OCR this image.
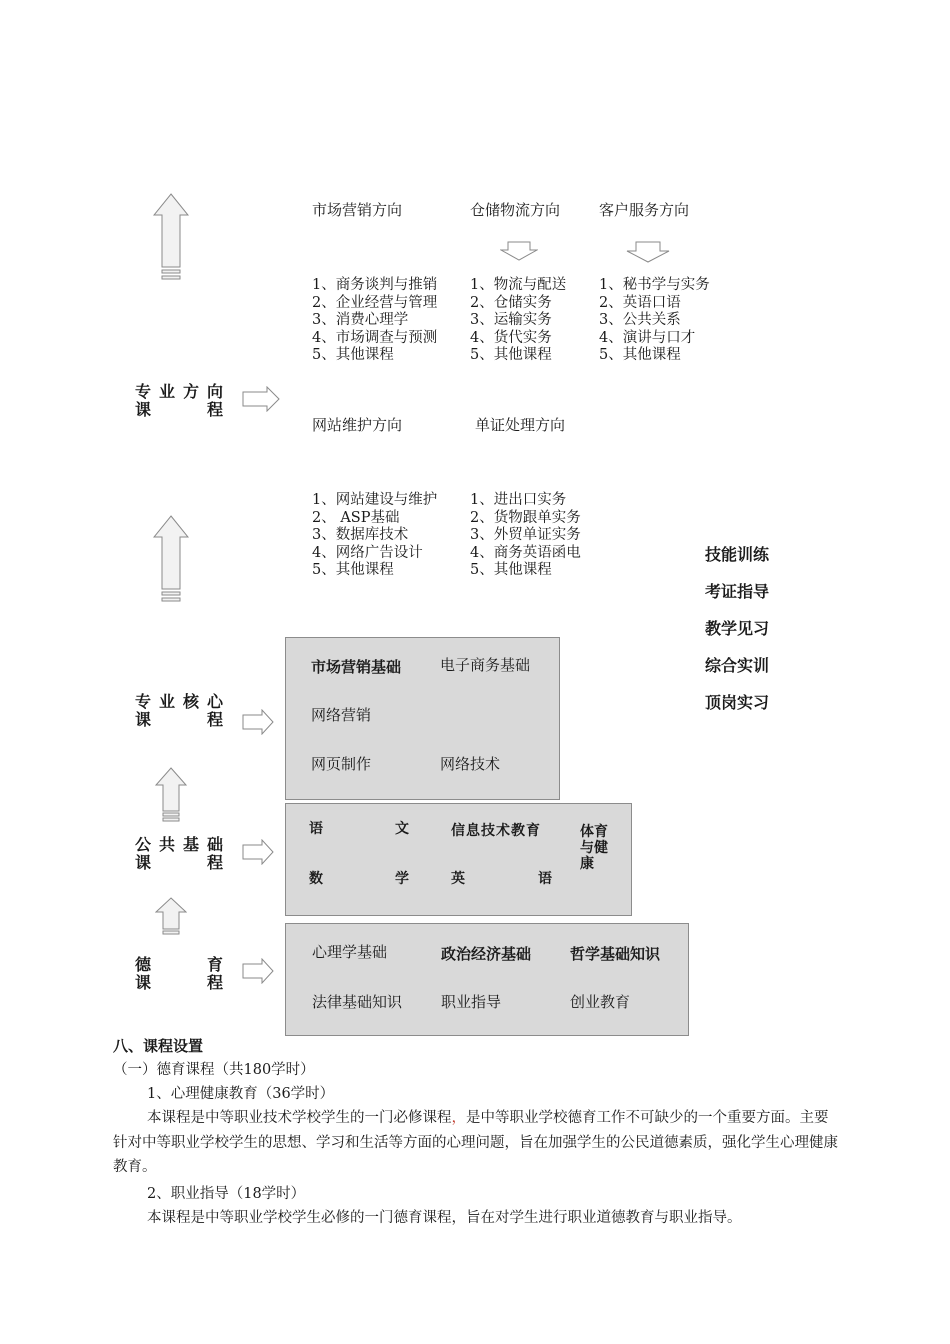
市场营销方向	仓储物流方向	客户服务方向
1、商务谈判与推销
2、企业经营与管理
3、消费心理学
4、市场调查与预测
5、其他课程
1、物流与配送
2、仓储实务
3、运输实务
4、货代实务
5、其他课程
1、秘书学与实务
2、英语口语
3、公共关系
4、演讲与口才
5、其他课程
专 业 方 向
课	程
网站维护方向	单证处理方向
1、网站建设与维护
2、 ASP基础
3、数据库技术
4、网络广告设计
5、其他课程
1、进出口实务
2、货物跟单实务
3、外贸单证实务
4、商务英语函电
5、其他课程
技能训练
考证指导
教学见习
综合实训
顶岗实习
市场营销基础	电子商务基础
网络营销
网页制作	网络技术
专 业 核 心
课	程
语	文	信息技术教育	体育
与健
康
数	学	英	语
公 共 基 础
课	程
心理学基础	政治经济基础	哲学基础知识
法律基础知识	职业指导	创业教育
德	育
课	程
八、课程设置
（一）德育课程（共180学时）
1、心理健康教育（36学时）
本课程是中等职业技术学校学生的一门必修课程，是中等职业学校德育工作不可缺少的一个重要方面。主要针对中等职业学校学生的思想、学习和生活等方面的心理问题，旨在加强学生的公民道德素质，强化学生心理健康教育。
2、职业指导（18学时）
本课程是中等职业学校学生必修的一门德育课程，旨在对学生进行职业道德教育与职业指导。
